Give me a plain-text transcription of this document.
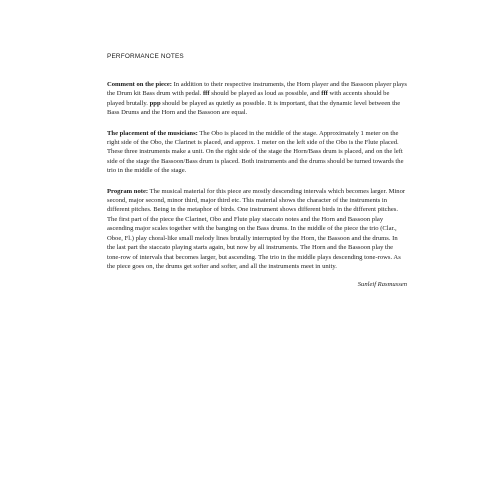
PERFORMANCE NOTES

Comment on the piece: In addition to their respective instruments, the Horn player and the Bassoon player plays the Drum kit Bass drum with pedal. fff should be played as loud as possible, and fff with accents should be played brutally. ppp should be played as quietly as possible. It is important, that the dynamic level between the Bass Drums and the Horn and the Bassoon are equal.

The placement of the musicians: The Obo is placed in the middle of the stage. Approximately 1 meter on the right side of the Obo, the Clarinet is placed, and approx. 1 meter on the left side of the Obo is the Flute placed. These three instruments make a unit. On the right side of the stage the Horn/Bass drum is placed, and on the left side of the stage the Bassoon/Bass drum is placed. Both instruments and the drums should be turned towards the trio in the middle of the stage.

Program note: The musical material for this piece are mostly descending intervals which becomes larger. Minor second, major second, minor third, major third etc. This material shows the character of the instruments in different pitches. Being in the metaphor of birds. One instrument shows different birds in the different pitches. The first part of the piece the Clarinet, Obo and Flute play staccato notes and the Horn and Bassoon play ascending major scales together with the banging on the Bass drums. In the middle of the piece the trio (Clar., Oboe, Fl.) play choral-like small melody lines brutally interrupted by the Horn, the Bassoon and the drums. In the last part the staccato playing starts again, but now by all instruments. The Horn and the Bassoon play the tone-row of intervals that becomes larger, but ascending. The trio in the middle plays descending tone-rows. As the piece goes on, the drums get softer and softer, and all the instruments meet in unity.

Sunleif Rasmussen
